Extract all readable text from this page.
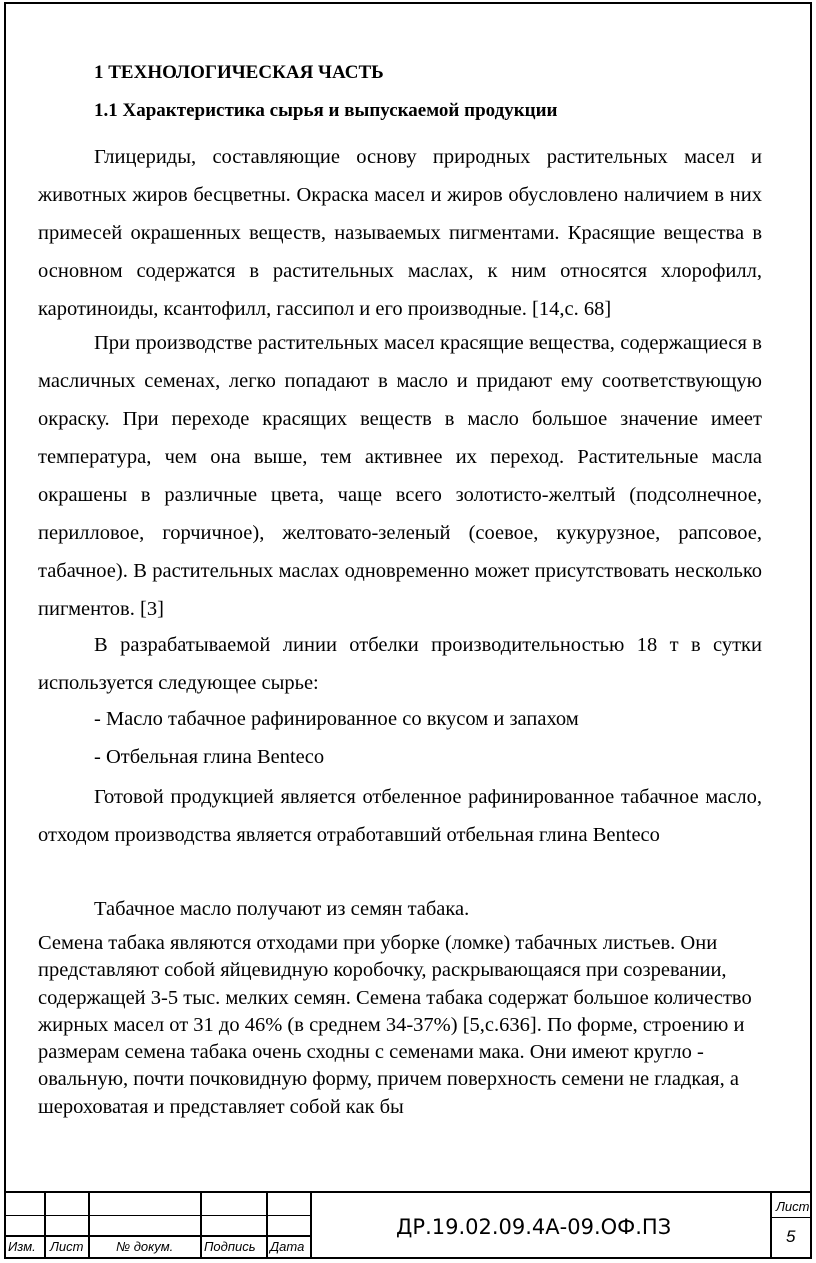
1 ТЕХНОЛОГИЧЕСКАЯ ЧАСТЬ
1.1 Характеристика сырья и выпускаемой продукции

Глицериды, составляющие основу природных растительных масел и животных жиров бесцветны. Окраска масел и жиров обусловлено наличием в них примесей окрашенных веществ, называемых пигментами. Красящие вещества в основном содержатся в растительных маслах, к ним относятся хлорофилл, каротиноиды, ксантофилл, гассипол и его производные. [14,с. 68]

При производстве растительных масел красящие вещества, содержащиеся в масличных семенах, легко попадают в масло и придают ему соответствующую окраску. При переходе красящих веществ в масло большое значение имеет температура, чем она выше, тем активнее их переход. Растительные масла окрашены в различные цвета, чаще всего золотисто-желтый (подсолнечное, перилловое, горчичное), желтовато-зеленый (соевое, кукурузное, рапсовое, табачное). В растительных маслах одновременно может присутствовать несколько пигментов. [3]

В разрабатываемой линии отбелки производительностью 18 т в сутки используется следующее сырье:

- Масло табачное рафинированное со вкусом и запахом
- Отбельная глина Benteco

Готовой продукцией является отбеленное рафинированное табачное масло, отходом производства является отработавший отбельная глина Benteco

Табачное масло получают из семян табака.

Семена табака являются отходами при уборке (ломке) табачных листьев. Они представляют собой яйцевидную коробочку, раскрывающаяся при созревании, содержащей 3-5 тыс. мелких семян. Семена табака содержат большое количество жирных масел от 31 до 46% (в среднем 34-37%) [5,с.636]. По форме, строению и размерам семена табака очень сходны с семенами мака. Они имеют кругло - овальную, почти почковидную форму, причем поверхность семени не гладкая, а шероховатая и представляет собой как бы

Изм. Лист	№ докум. Подпись Дата
ДР.19.02.09.4А-09.ОФ.ПЗ
Лист
5
